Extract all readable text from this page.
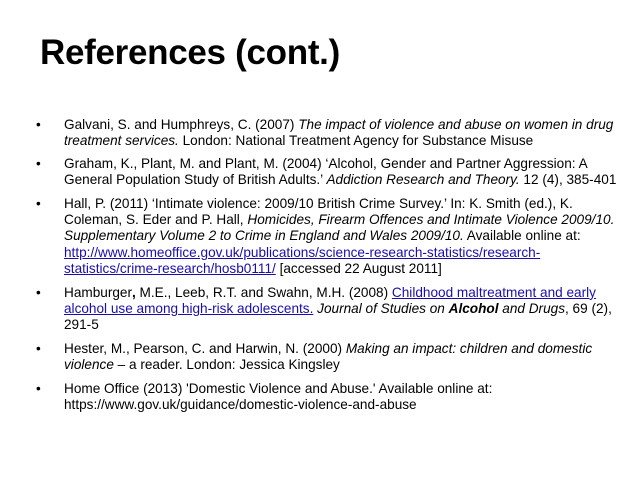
References (cont.)
• Galvani, S. and Humphreys, C. (2007) The impact of violence and abuse on women in drug treatment services. London: National Treatment Agency for Substance Misuse
• Graham, K., Plant, M. and Plant, M. (2004) ‘Alcohol, Gender and Partner Aggression: A General Population Study of British Adults.’ Addiction Research and Theory. 12 (4), 385-401
• Hall, P. (2011) ‘Intimate violence: 2009/10 British Crime Survey.’ In: K. Smith (ed.), K. Coleman, S. Eder and P. Hall, Homicides, Firearm Offences and Intimate Violence 2009/10. Supplementary Volume 2 to Crime in England and Wales 2009/10. Available online at: http://www.homeoffice.gov.uk/publications/science-research-statistics/research-statistics/crime-research/hosb0111/ [accessed 22 August 2011]
• Hamburger, M.E., Leeb, R.T. and Swahn, M.H. (2008) Childhood maltreatment and early alcohol use among high-risk adolescents. Journal of Studies on Alcohol and Drugs, 69 (2), 291-5
• Hester, M., Pearson, C. and Harwin, N. (2000) Making an impact: children and domestic violence – a reader. London: Jessica Kingsley
• Home Office (2013) 'Domestic Violence and Abuse.' Available online at: https://www.gov.uk/guidance/domestic-violence-and-abuse
